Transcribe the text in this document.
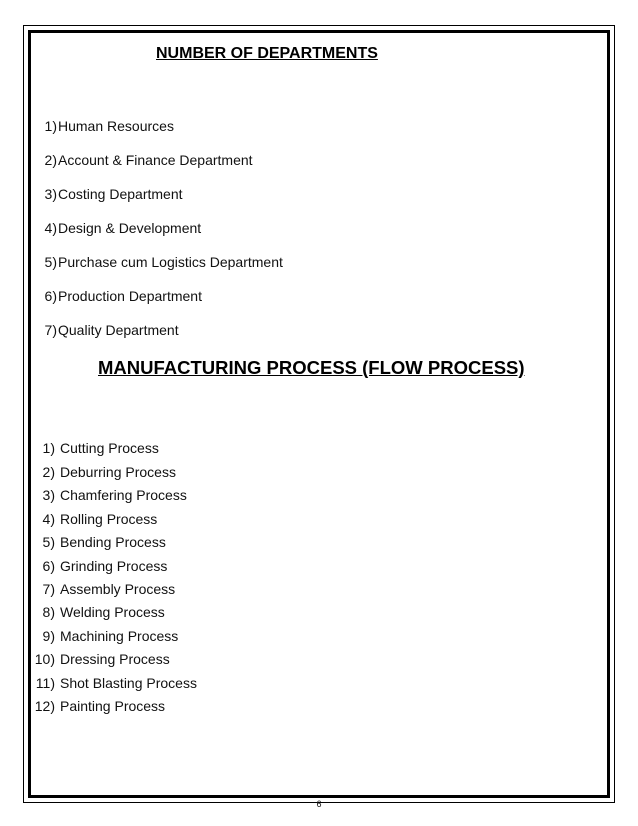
NUMBER OF DEPARTMENTS
1) Human Resources
2) Account & Finance Department
3) Costing Department
4) Design & Development
5) Purchase cum Logistics Department
6) Production Department
7) Quality Department
MANUFACTURING PROCESS (FLOW PROCESS)
1) Cutting Process
2) Deburring Process
3) Chamfering Process
4) Rolling Process
5) Bending Process
6) Grinding Process
7) Assembly Process
8) Welding Process
9) Machining Process
10) Dressing Process
11) Shot Blasting Process
12) Painting Process
6
